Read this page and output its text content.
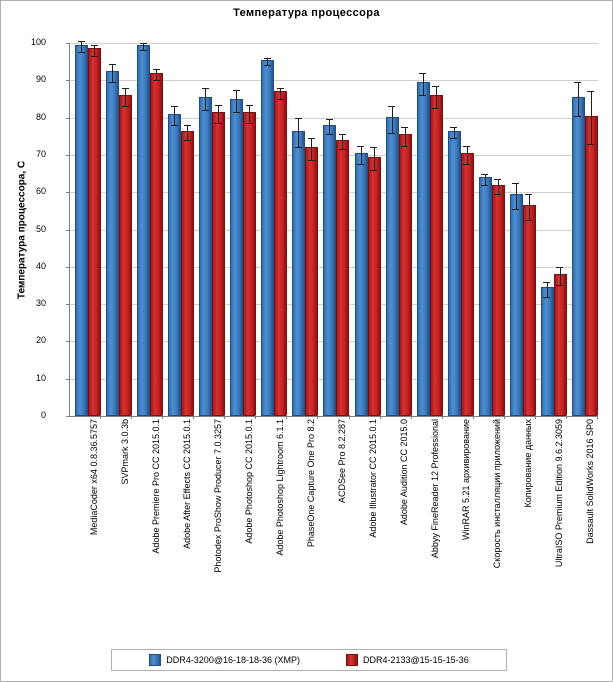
Температура процессора
Температура процессора, С
0
10
20
30
40
50
60
70
80
90
100
MediaCoder x64 0.8.36.5757 SVPmark 3.0.3b Adobe Premiere Pro CC 2015.0.1 Adobe After Effects CC 2015.0.1 Photodex ProShow Producer 7.0.3257 Adobe Photoshop CC 2015.0.1 Adobe Photoshop Lightroom 6.1.1 PhaseOne Capture One Pro 8.2 ACDSee Pro 8.2.287 Adobe Illustrator CC 2015.0.1 Adobe Audition CC 2015.0 Abbyy FineReader 12 Professional WinRAR 5.21 архивирование Скорость инсталляции приложений Копирование данных UltraISO Premium Edition 9.6.2.3059 Dassault SolidWorks 2016 SP0
DDR4-3200@16-18-18-36 (XMP)	DDR4-2133@15-15-15-36
